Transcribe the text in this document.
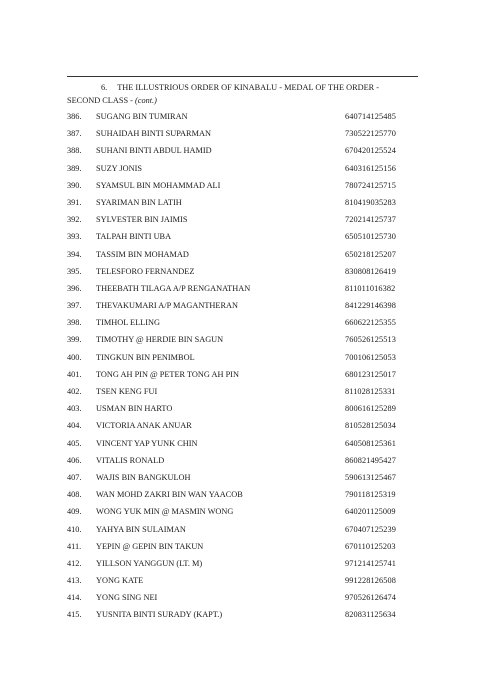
6. THE ILLUSTRIOUS ORDER OF KINABALU - MEDAL OF THE ORDER -
SECOND CLASS - (cont.)
386. SUGANG BIN TUMIRAN	640714125485
387. SUHAIDAH BINTI SUPARMAN	730522125770
388. SUHANI BINTI ABDUL HAMID	670420125524
389. SUZY JONIS	640316125156
390. SYAMSUL BIN MOHAMMAD ALI	780724125715
391. SYARIMAN BIN LATIH	810419035283
392. SYLVESTER BIN JAIMIS	720214125737
393. TALPAH BINTI UBA	650510125730
394. TASSIM BIN MOHAMAD	650218125207
395. TELESFORO FERNANDEZ	830808126419
396. THEEBATH TILAGA A/P RENGANATHAN	811011016382
397. THEVAKUMARI A/P MAGANTHERAN	841229146398
398. TIMHOL ELLING	660622125355
399. TIMOTHY @ HERDIE BIN SAGUN	760526125513
400. TINGKUN BIN PENIMBOL	700106125053
401. TONG AH PIN @ PETER TONG AH PIN	680123125017
402. TSEN KENG FUI	811028125331
403. USMAN BIN HARTO	800616125289
404. VICTORIA ANAK ANUAR	810528125034
405. VINCENT YAP YUNK CHIN	640508125361
406. VITALIS RONALD	860821495427
407. WAJIS BIN BANGKULOH	590613125467
408. WAN MOHD ZAKRI BIN WAN YAACOB	790118125319
409. WONG YUK MIN @ MASMIN WONG	640201125009
410. YAHYA BIN SULAIMAN	670407125239
411. YEPIN @ GEPIN BIN TAKUN	670110125203
412. YILLSON YANGGUN (LT. M)	971214125741
413. YONG KATE	991228126508
414. YONG SING NEI	970526126474
415. YUSNITA BINTI SURADY (KAPT.)	820831125634
